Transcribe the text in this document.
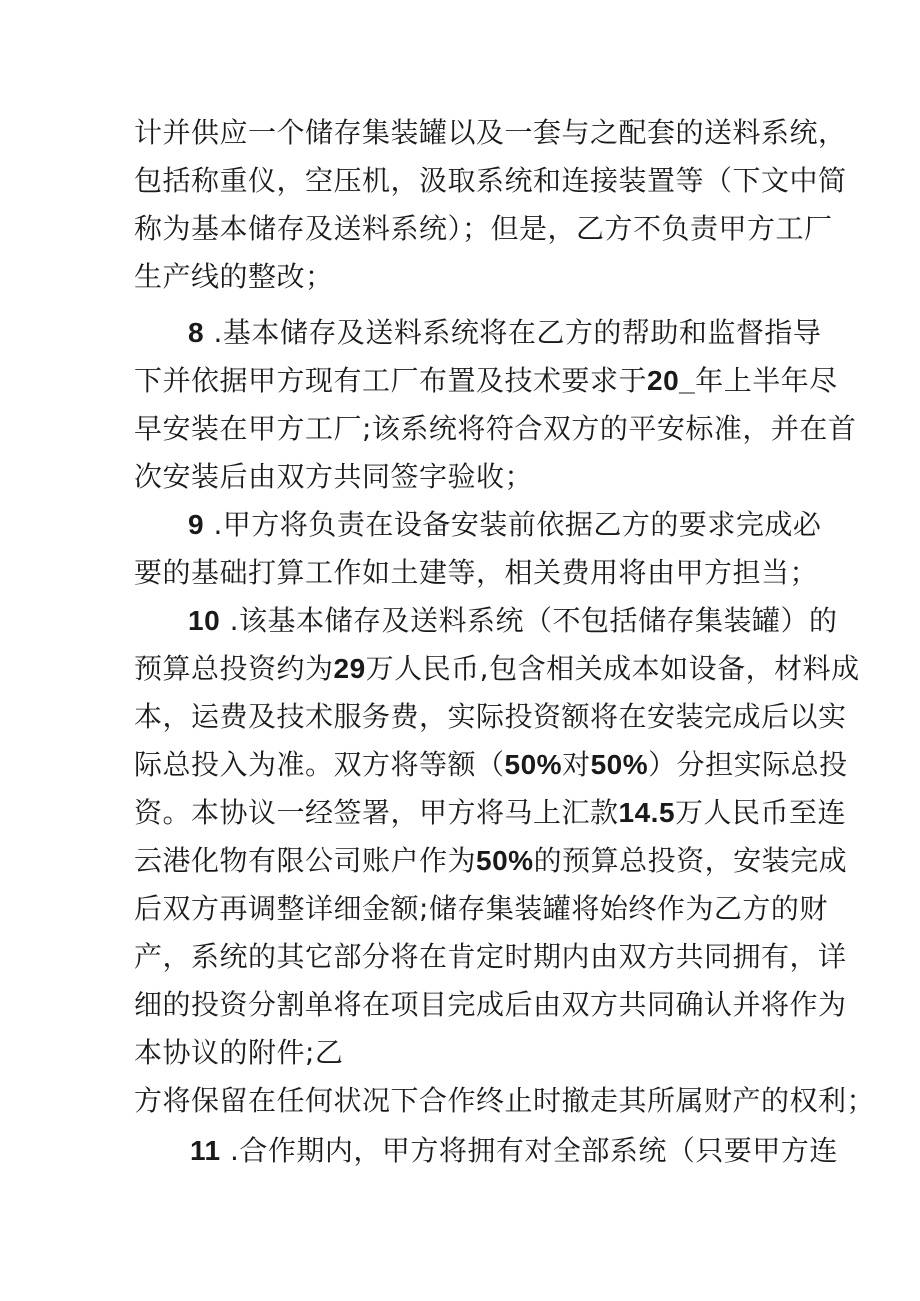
计并供应一个储存集装罐以及一套与之配套的送料系统，
包括称重仪，空压机，汲取系统和连接装置等（下文中简
称为基本储存及送料系统）；但是，乙方不负责甲方工厂
生产线的整改；
8 .基本储存及送料系统将在乙方的帮助和监督指导
下并依据甲方现有工厂布置及技术要求于20_年上半年尽
早安装在甲方工厂;该系统将符合双方的平安标准，并在首
次安装后由双方共同签字验收；
9 .甲方将负责在设备安装前依据乙方的要求完成必
要的基础打算工作如土建等，相关费用将由甲方担当；
10 .该基本储存及送料系统（不包括储存集装罐）的
预算总投资约为29万人民币,包含相关成本如设备，材料成
本，运费及技术服务费，实际投资额将在安装完成后以实
际总投入为准。双方将等额（50%对50%）分担实际总投
资。本协议一经签署，甲方将马上汇款14.5万人民币至连
云港化物有限公司账户作为50%的预算总投资，安装完成
后双方再调整详细金额;储存集装罐将始终作为乙方的财
产，系统的其它部分将在肯定时期内由双方共同拥有，详
细的投资分割单将在项目完成后由双方共同确认并将作为
本协议的附件;乙
方将保留在任何状况下合作终止时撤走其所属财产的权利；
11 .合作期内，甲方将拥有对全部系统（只要甲方连
